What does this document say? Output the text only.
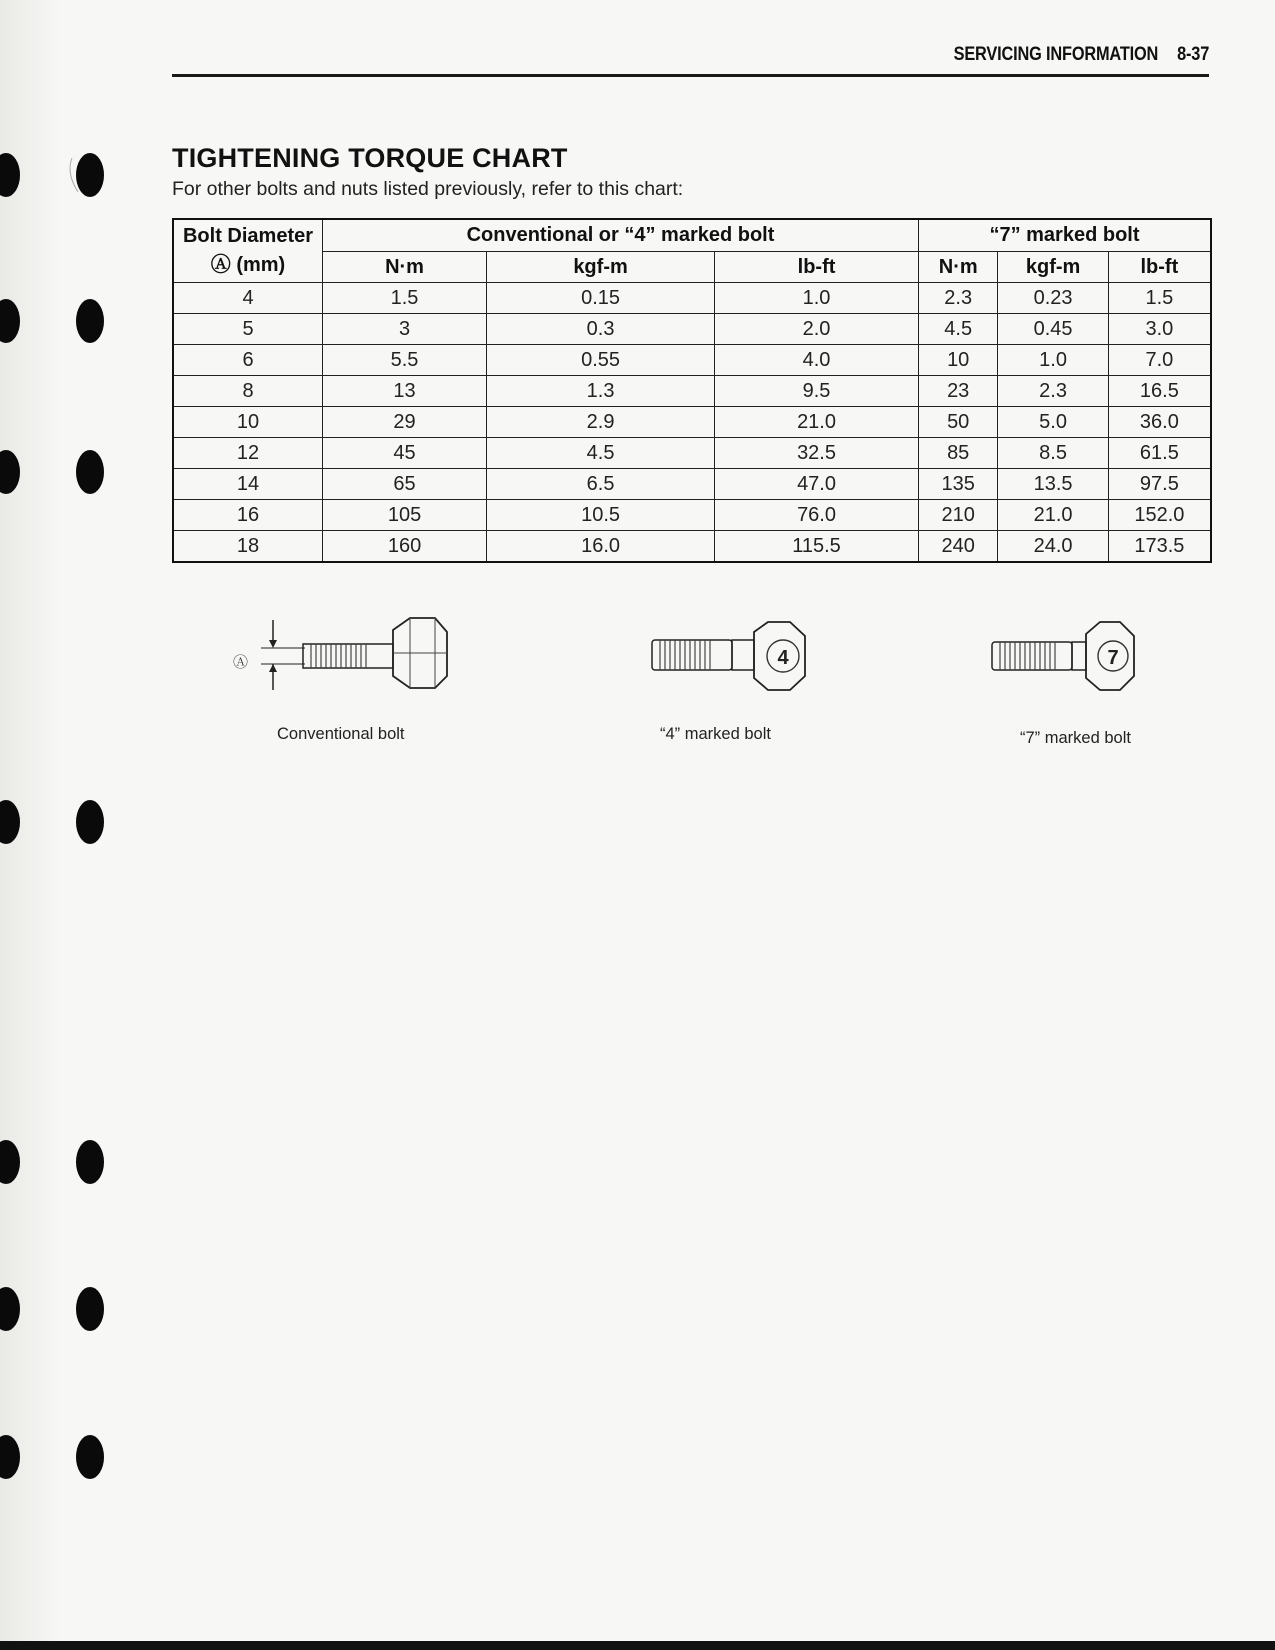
SERVICING INFORMATION 8-37
TIGHTENING TORQUE CHART
For other bolts and nuts listed previously, refer to this chart:
Bolt Diameter
Ⓐ (mm)	Conventional or “4” marked bolt			“7” marked bolt		
	N·m	kgf-m	lb-ft	N·m	kgf-m	lb-ft
4	1.5	0.15	1.0	2.3	0.23	1.5
5	3	0.3	2.0	4.5	0.45	3.0
6	5.5	0.55	4.0	10	1.0	7.0
8	13	1.3	9.5	23	2.3	16.5
10	29	2.9	21.0	50	5.0	36.0
12	45	4.5	32.5	85	8.5	61.5
14	65	6.5	47.0	135	13.5	97.5
16	105	10.5	76.0	210	21.0	152.0
18	160	16.0	115.5	240	24.0	173.5
Ⓐ	4	7
Conventional bolt	“4” marked bolt	“7” marked bolt
